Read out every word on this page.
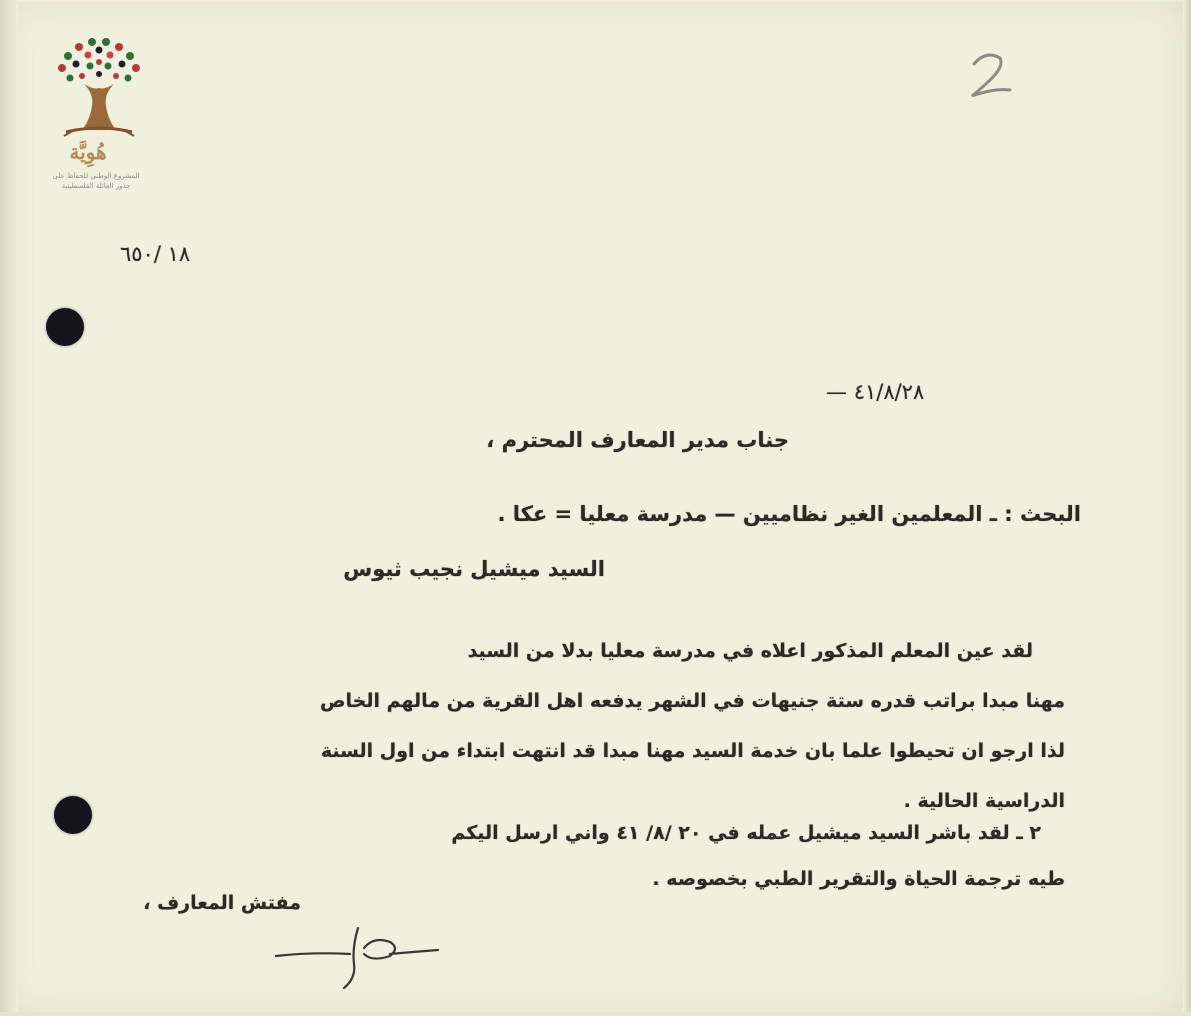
هُوِيَّة
المشروع الوطني للحفاظ على
جذور العائلة الفلسطينية
١٨ /٦٥٠
— ٤١/٨/٢٨
جناب مدير المعارف المحترم ،
البحث : ـ المعلمين الغير نظاميين — مدرسة معليا = عكا .
السيد ميشيل نجيب ثيوس
لقد عين المعلم المذكور اعلاه في مدرسة معليا بدلا من السيد
مهنا مبدا براتب قدره ستة جنيهات في الشهر يدفعه اهل القرية من مالهم الخاص
لذا ارجو ان تحيطوا علما بان خدمة السيد مهنا مبدا قد انتهت ابتداء من اول السنة
الدراسية الحالية .
٢ ـ لقد باشر السيد ميشيل عمله في ٢٠ /٨/ ٤١ واني ارسل اليكم
طيه ترجمة الحياة والتقرير الطبي بخصوصه .
مفتش المعارف ،
